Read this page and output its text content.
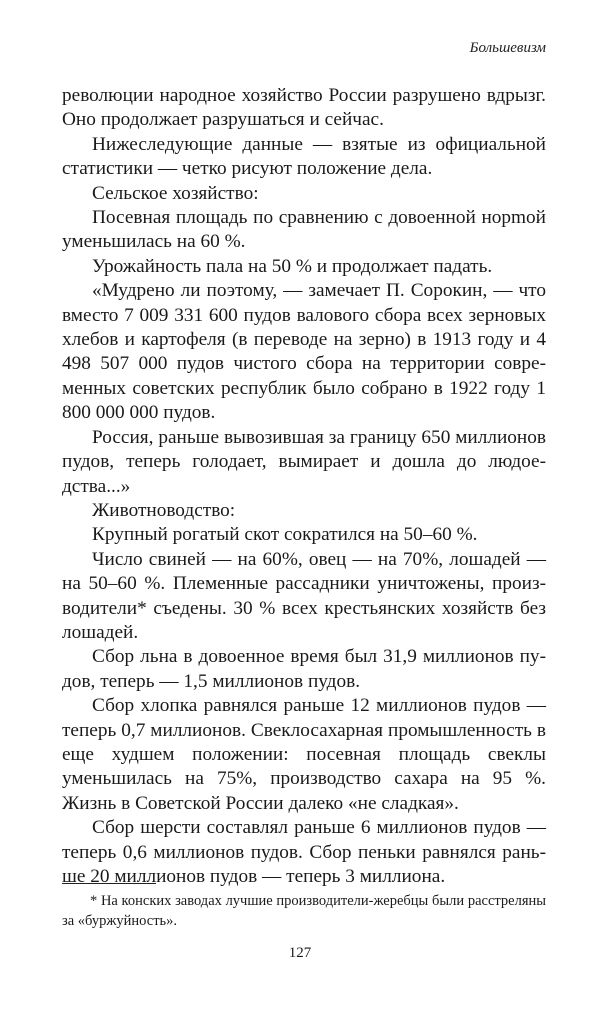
Большевизм

революции народное хозяйство России разрушено вдрызг. Оно продолжает разрушаться и сейчас.

Нижеследующие данные — взятые из официальной статистики — четко рисуют положение дела.

Сельское хозяйство:

Посевная площадь по сравнению с довоенной норmой уменьшилась на 60 %.

Урожайность пала на 50 % и продолжает падать.

«Мудрено ли поэтому, — замечает П. Сорокин, — что вместо 7 009 331 600 пудов валового сбора всех зерновых хлебов и картофеля (в переводе на зерно) в 1913 году и 4 498 507 000 пудов чистого сбора на территории современных советских республик было собрано в 1922 году 1 800 000 000 пудов.

Россия, раньше вывозившая за границу 650 миллионов пудов, теперь голодает, вымирает и дошла до людоедства...»

Животноводство:

Крупный рогатый скот сократился на 50–60 %.

Число свиней — на 60%, овец — на 70%, лошадей — на 50–60 %. Племенные рассадники уничтожены, производители* съедены. 30 % всех крестьянских хозяйств без лошадей.

Сбор льна в довоенное время был 31,9 миллионов пудов, теперь — 1,5 миллионов пудов.

Сбор хлопка равнялся раньше 12 миллионов пудов — теперь 0,7 миллионов. Свеклосахарная промышленность в еще худшем положении: посевная площадь свеклы уменьшилась на 75%, производство сахара на 95 %. Жизнь в Советской России далеко «не сладкая».

Сбор шерсти составлял раньше 6 миллионов пудов — теперь 0,6 миллионов пудов. Сбор пеньки равнялся раньше 20 миллионов пудов — теперь 3 миллиона.

* На конских заводах лучшие производители-жеребцы были расстреляны за «буржуйность».

127
